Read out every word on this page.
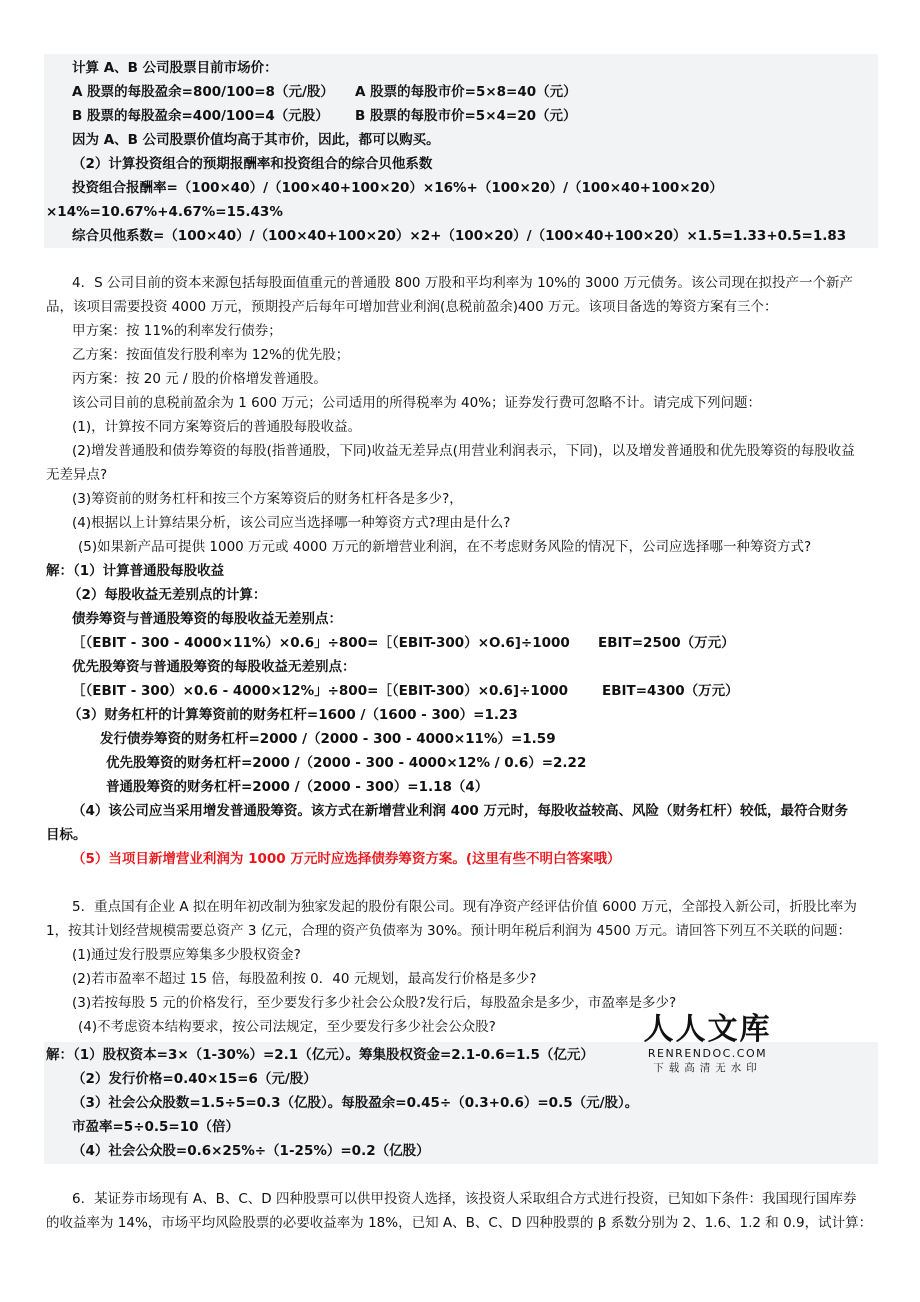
计算 A、B 公司股票目前市场价：
A 股票的每股盈余=800/100=8（元/股） A 股票的每股市价=5×8=40（元）
B 股票的每股盈余=400/100=4（元股） B 股票的每股市价=5×4=20（元）
因为 A、B 公司股票价值均高于其市价，因此，都可以购买。
（2）计算投资组合的预期报酬率和投资组合的综合贝他系数
投资组合报酬率=（100×40）/（100×40+100×20）×16%+（100×20）/（100×40+100×20）
×14%=10.67%+4.67%=15.43%
综合贝他系数=（100×40）/（100×40+100×20）×2+（100×20）/（100×40+100×20）×1.5=1.33+0.5=1.83
4．S 公司目前的资本来源包括每股面值重元的普通股 800 万股和平均利率为 10%的 3000 万元债务。该公司现在拟投产一个新产
品，该项目需要投资 4000 万元，预期投产后每年可增加营业利润(息税前盈余)400 万元。该项目备选的筹资方案有三个：
甲方案：按 11%的利率发行债券；
乙方案：按面值发行股利率为 12%的优先股；
丙方案：按 20 元 / 股的价格增发普通股。
该公司目前的息税前盈余为 1 600 万元；公司适用的所得税率为 40%；证券发行费可忽略不计。请完成下列问题：
(1)，计算按不同方案筹资后的普通股每股收益。
(2)增发普通股和债券筹资的每股(指普通股，下同)收益无差异点(用营业利润表示，下同)，以及增发普通股和优先股筹资的每股收益
无差异点?
(3)筹资前的财务杠杆和按三个方案筹资后的财务杠杆各是多少?，
(4)根据以上计算结果分析，该公司应当选择哪一种筹资方式?理由是什么?
(5)如果新产品可提供 1000 万元或 4000 万元的新增营业利润，在不考虑财务风险的情况下，公司应选择哪一种筹资方式?
解：（1）计算普通股每股收益
（2）每股收益无差别点的计算：
债券筹资与普通股筹资的每股收益无差别点：
［（EBIT - 300 - 4000×11%）×0.6」÷800=［（EBIT-300）×O.6]÷1000 EBIT=2500（万元）
优先股筹资与普通股筹资的每股收益无差别点：
［（EBIT - 300）×0.6 - 4000×12%」÷800=［（EBIT-300）×0.6]÷1000	EBIT=4300（万元）
（3）财务杠杆的计算筹资前的财务杠杆=1600 /（1600 - 300）=1.23
发行债券筹资的财务杠杆=2000 /（2000 - 300 - 4000×11%）=1.59
优先股筹资的财务杠杆=2000 /（2000 - 300 - 4000×12% / 0.6）=2.22
普通股筹资的财务杠杆=2000 /（2000 - 300）=1.18（4）
（4）该公司应当采用增发普通股筹资。该方式在新增营业利润 400 万元时，每股收益较高、风险（财务杠杆）较低，最符合财务
目标。
（5）当项目新增营业利润为 1000 万元时应选择债券筹资方案。(这里有些不明白答案哦）
5．重点国有企业 A 拟在明年初改制为独家发起的股份有限公司。现有净资产经评估价值 6000 万元，全部投入新公司，折股比率为
1，按其计划经营规模需要总资产 3 亿元，合理的资产负债率为 30%。预计明年税后利润为 4500 万元。请回答下列互不关联的问题：
(1)通过发行股票应筹集多少股权资金?
(2)若市盈率不超过 15 倍，每股盈利按 0．40 元规划，最高发行价格是多少?
(3)若按每股 5 元的价格发行，至少要发行多少社会公众股?发行后，每股盈余是多少，市盈率是多少?
(4)不考虑资本结构要求，按公司法规定，至少要发行多少社会公众股?
解：（1）股权资本=3×（1-30%）=2.1（亿元）。筹集股权资金=2.1-0.6=1.5（亿元）
（2）发行价格=0.40×15=6（元/股）
（3）社会公众股数=1.5÷5=0.3（亿股）。每股盈余=0.45÷（0.3+0.6）=0.5（元/股）。
市盈率=5÷0.5=10（倍）
（4）社会公众股=0.6×25%÷（1-25%）=0.2（亿股）
6．某证券市场现有 A、B、C、D 四种股票可以供甲投资人选择，该投资人采取组合方式进行投资，已知如下条件：我国现行国库券
的收益率为 14%，市场平均风险股票的必要收益率为 18%，已知 A、B、C、D 四种股票的 β 系数分别为 2、1.6、1.2 和 0.9，试计算：
人人文库
RENRENDOC.COM
下载高清无水印
